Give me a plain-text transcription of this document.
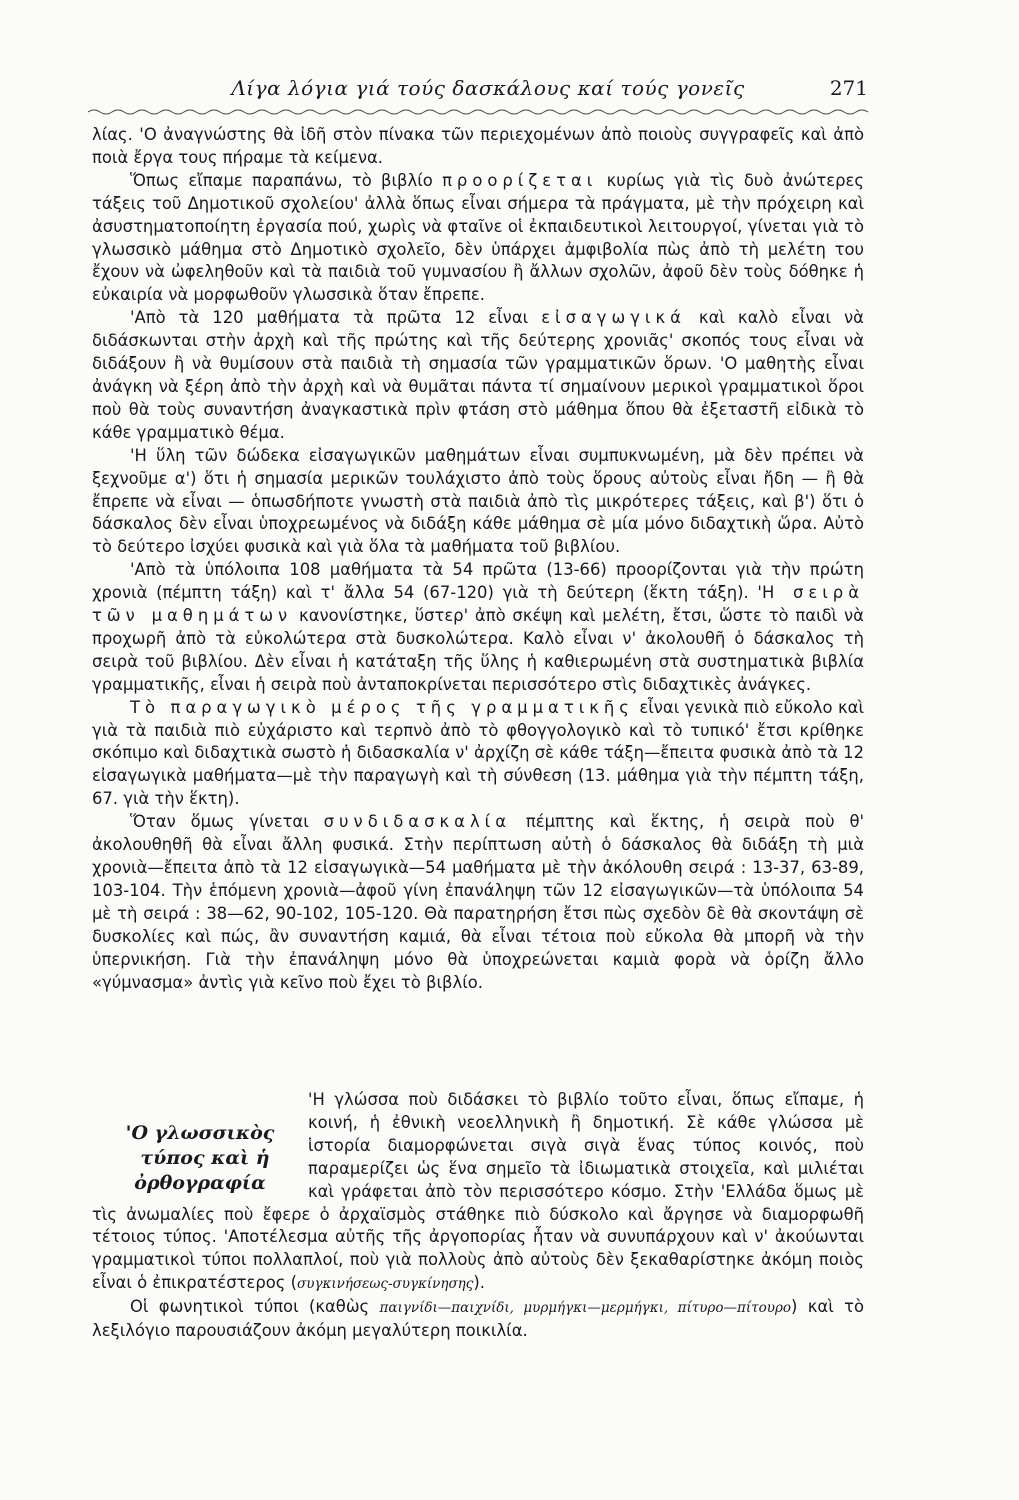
Λίγα λόγια γιά τούς δασκάλους καί τούς γονεῖς	271

λίας. 'Ο ἀναγνώστης θὰ ἰδῆ στὸν πίνακα τῶν περιεχομένων ἀπὸ ποιοὺς συγγραφεῖς καὶ ἀπὸ ποιὰ ἔργα τους πήραμε τὰ κείμενα.

Ὅπως εἴπαμε παραπάνω, τὸ βιβλίο προορίζεται κυρίως γιὰ τὶς δυὸ ἀνώτερες τάξεις τοῦ Δημοτικοῦ σχολείου' ἀλλὰ ὅπως εἶναι σήμερα τὰ πράγματα, μὲ τὴν πρόχειρη καὶ ἀσυστηματοποίητη ἐργασία πού, χωρὶς νὰ φταῖνε οἱ ἐκπαιδευτικοὶ λειτουργοί, γίνεται γιὰ τὸ γλωσσικὸ μάθημα στὸ Δημοτικὸ σχολεῖο, δὲν ὑπάρχει ἀμφιβολία πὼς ἀπὸ τὴ μελέτη του ἔχουν νὰ ὠφεληθοῦν καὶ τὰ παιδιὰ τοῦ γυμνασίου ἢ ἄλλων σχολῶν, ἀφοῦ δὲν τοὺς δόθηκε ἡ εὐκαιρία νὰ μορφωθοῦν γλωσσικὰ ὅταν ἔπρεπε.

'Απὸ τὰ 120 μαθήματα τὰ πρῶτα 12 εἶναι εἰσαγωγικά καὶ καλὸ εἶναι νὰ διδάσκωνται στὴν ἀρχὴ καὶ τῆς πρώτης καὶ τῆς δεύτερης χρονιᾶς' σκοπός τους εἶναι νὰ διδάξουν ἢ νὰ θυμίσουν στὰ παιδιὰ τὴ σημασία τῶν γραμματικῶν ὅρων. 'Ο μαθητὴς εἶναι ἀνάγκη νὰ ξέρη ἀπὸ τὴν ἀρχὴ καὶ νὰ θυμᾶται πάντα τί σημαίνουν μερικοὶ γραμματικοὶ ὅροι ποὺ θὰ τοὺς συναντήση ἀναγκαστικὰ πρὶν φτάση στὸ μάθημα ὅπου θὰ ἐξεταστῆ εἰδικὰ τὸ κάθε γραμματικὸ θέμα.

'Η ὕλη τῶν δώδεκα εἰσαγωγικῶν μαθημάτων εἶναι συμπυκνωμένη, μὰ δὲν πρέπει νὰ ξεχνοῦμε α') ὅτι ἡ σημασία μερικῶν τουλάχιστο ἀπὸ τοὺς ὅρους αὐτοὺς εἶναι ἤδη — ἢ θὰ ἔπρεπε νὰ εἶναι — ὁπωσδήποτε γνωστὴ στὰ παιδιὰ ἀπὸ τὶς μικρότερες τάξεις, καὶ β') ὅτι ὁ δάσκαλος δὲν εἶναι ὑποχρεωμένος νὰ διδάξη κάθε μάθημα σὲ μία μόνο διδαχτικὴ ὥρα. Αὐτὸ τὸ δεύτερο ἰσχύει φυσικὰ καὶ γιὰ ὅλα τὰ μαθήματα τοῦ βιβλίου.

'Απὸ τὰ ὑπόλοιπα 108 μαθήματα τὰ 54 πρῶτα (13-66) προορίζονται γιὰ τὴν πρώτη χρονιὰ (πέμπτη τάξη) καὶ τ' ἄλλα 54 (67-120) γιὰ τὴ δεύτερη (ἕκτη τάξη). 'Η σειρὰ τῶν μαθημάτων κανονίστηκε, ὕστερ' ἀπὸ σκέψη καὶ μελέτη, ἔτσι, ὥστε τὸ παιδὶ νὰ προχωρῆ ἀπὸ τὰ εὐκολώτερα στὰ δυσκολώτερα. Καλὸ εἶναι ν' ἀκολουθῆ ὁ δάσκαλος τὴ σειρὰ τοῦ βιβλίου. Δὲν εἶναι ἡ κατάταξη τῆς ὕλης ἡ καθιερωμένη στὰ συστηματικὰ βιβλία γραμματικῆς, εἶναι ἡ σειρὰ ποὺ ἀνταποκρίνεται περισσότερο στὶς διδαχτικὲς ἀνάγκες.

Τὸ παραγωγικὸ μέρος τῆς γραμματικῆς εἶναι γενικὰ πιὸ εὔκολο καὶ γιὰ τὰ παιδιὰ πιὸ εὐχάριστο καὶ τερπνὸ ἀπὸ τὸ φθογγολογικὸ καὶ τὸ τυπικό' ἔτσι κρίθηκε σκόπιμο καὶ διδαχτικὰ σωστὸ ἡ διδασκαλία ν' ἀρχίζη σὲ κάθε τάξη—ἔπειτα φυσικὰ ἀπὸ τὰ 12 εἰσαγωγικὰ μαθήματα—μὲ τὴν παραγωγὴ καὶ τὴ σύνθεση (13. μάθημα γιὰ τὴν πέμπτη τάξη, 67. γιὰ τὴν ἕκτη).

Ὅταν ὅμως γίνεται συνδιδασκαλία πέμπτης καὶ ἕκτης, ἡ σειρὰ ποὺ θ' ἀκολουθηθῆ θὰ εἶναι ἄλλη φυσικά. Στὴν περίπτωση αὐτὴ ὁ δάσκαλος θὰ διδάξη τὴ μιὰ χρονιὰ—ἔπειτα ἀπὸ τὰ 12 εἰσαγωγικὰ—54 μαθήματα μὲ τὴν ἀκόλουθη σειρά : 13-37, 63-89, 103-104. Τὴν ἑπόμενη χρονιὰ—ἀφοῦ γίνη ἐπανάληψη τῶν 12 εἰσαγωγικῶν—τὰ ὑπόλοιπα 54 μὲ τὴ σειρά : 38—62, 90-102, 105-120. Θὰ παρατηρήση ἔτσι πὼς σχεδὸν δὲ θὰ σκοντάψη σὲ δυσκολίες καὶ πώς, ἂν συναντήση καμιά, θὰ εἶναι τέτοια ποὺ εὔκολα θὰ μπορῆ νὰ τὴν ὑπερνικήση. Γιὰ τὴν ἐπανάληψη μόνο θὰ ὑποχρεώνεται καμιὰ φορὰ νὰ ὁρίζη ἄλλο «γύμνασμα» ἀντὶς γιὰ κεῖνο ποὺ ἔχει τὸ βιβλίο.

'Ο γλωσσικὸς
τύπος καὶ ἡ
ὀρθογραφία

'Η γλώσσα ποὺ διδάσκει τὸ βιβλίο τοῦτο εἶναι, ὅπως εἴπαμε, ἡ κοινή, ἡ ἐθνικὴ νεοελληνικὴ ἢ δημοτική. Σὲ κάθε γλώσσα μὲ ἱστορία διαμορφώνεται σιγὰ σιγὰ ἕνας τύπος κοινός, ποὺ παραμερίζει ὡς ἕνα σημεῖο τὰ ἰδιωματικὰ στοιχεῖα, καὶ μιλιέται καὶ γράφεται ἀπὸ τὸν περισσότερο κόσμο. Στὴν 'Ελλάδα ὅμως μὲ τὶς ἀνωμαλίες ποὺ ἔφερε ὁ ἀρχαϊσμὸς στάθηκε πιὸ δύσκολο καὶ ἄργησε νὰ διαμορφωθῆ τέτοιος τύπος. 'Αποτέλεσμα αὐτῆς τῆς ἀργοπορίας ἦταν νὰ συνυπάρχουν καὶ ν' ἀκούωνται γραμματικοὶ τύποι πολλαπλοί, ποὺ γιὰ πολλοὺς ἀπὸ αὐτοὺς δὲν ξεκαθαρίστηκε ἀκόμη ποιὸς εἶναι ὁ ἐπικρατέστερος (συγκινήσεως-συγκίνησης).

Οἱ φωνητικοὶ τύποι (καθὼς παιγνίδι—παιχνίδι, μυρμήγκι—μερμήγκι, πίτυρο—πίτουρο) καὶ τὸ λεξιλόγιο παρουσιάζουν ἀκόμη μεγαλύτερη ποικιλία.
